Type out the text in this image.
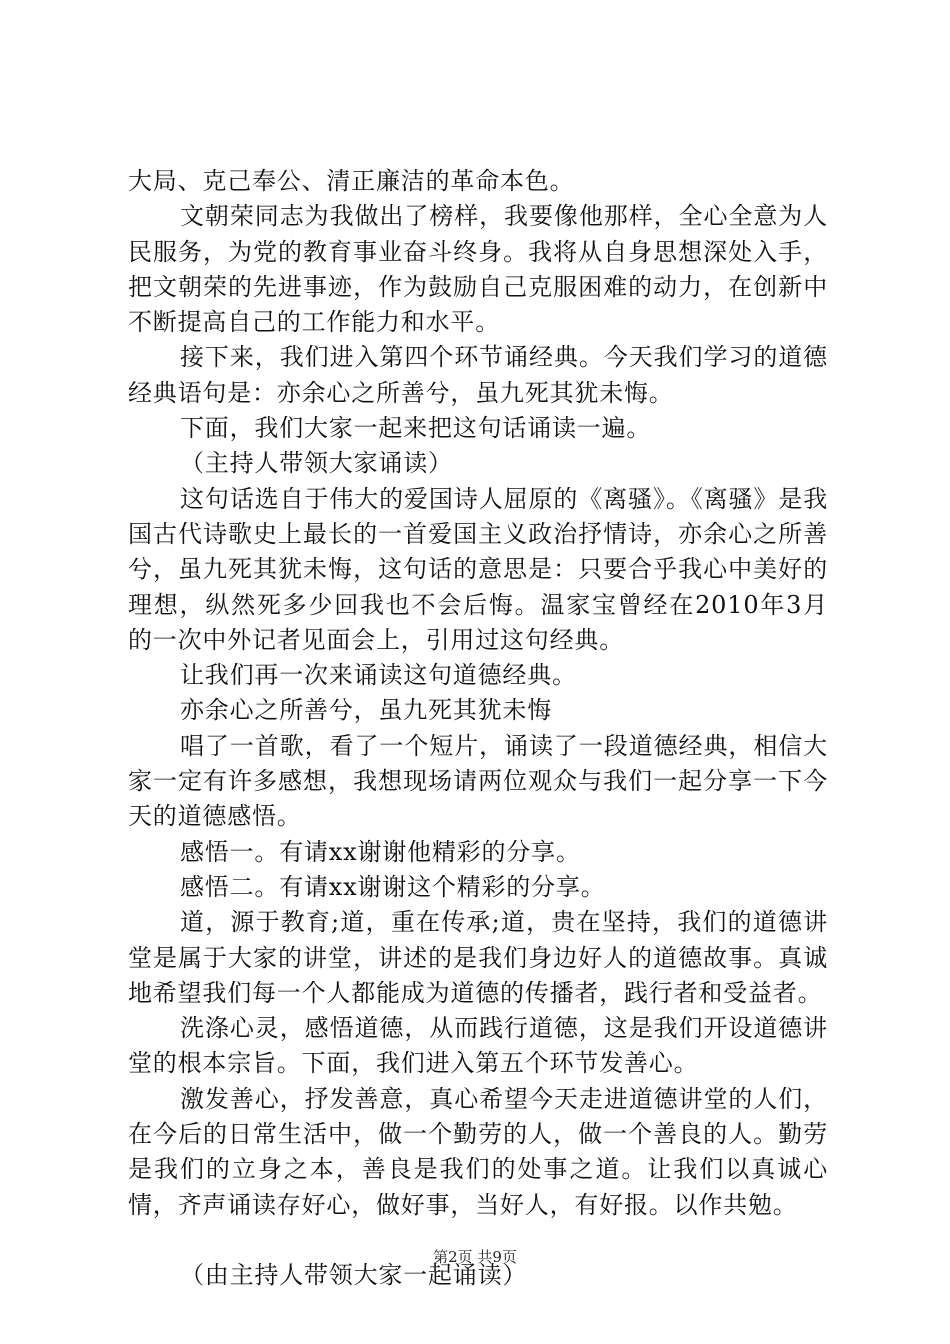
大局、克己奉公、清正廉洁的革命本色。

文朝荣同志为我做出了榜样，我要像他那样，全心全意为人民服务，为党的教育事业奋斗终身。我将从自身思想深处入手，把文朝荣的先进事迹，作为鼓励自己克服困难的动力，在创新中不断提高自己的工作能力和水平。

接下来，我们进入第四个环节诵经典。今天我们学习的道德经典语句是：亦余心之所善兮，虽九死其犹未悔。

下面，我们大家一起来把这句话诵读一遍。

（主持人带领大家诵读）

这句话选自于伟大的爱国诗人屈原的《离骚》。《离骚》是我国古代诗歌史上最长的一首爱国主义政治抒情诗，亦余心之所善兮，虽九死其犹未悔，这句话的意思是：只要合乎我心中美好的理想，纵然死多少回我也不会后悔。温家宝曾经在2010年3月的一次中外记者见面会上，引用过这句经典。

让我们再一次来诵读这句道德经典。

亦余心之所善兮，虽九死其犹未悔

唱了一首歌，看了一个短片，诵读了一段道德经典，相信大家一定有许多感想，我想现场请两位观众与我们一起分享一下今天的道德感悟。

感悟一。有请xx谢谢他精彩的分享。

感悟二。有请xx谢谢这个精彩的分享。

道，源于教育;道，重在传承;道，贵在坚持，我们的道德讲堂是属于大家的讲堂，讲述的是我们身边好人的道德故事。真诚地希望我们每一个人都能成为道德的传播者，践行者和受益者。

洗涤心灵，感悟道德，从而践行道德，这是我们开设道德讲堂的根本宗旨。下面，我们进入第五个环节发善心。

激发善心，抒发善意，真心希望今天走进道德讲堂的人们，在今后的日常生活中，做一个勤劳的人，做一个善良的人。勤劳是我们的立身之本，善良是我们的处事之道。让我们以真诚心情，齐声诵读存好心，做好事，当好人，有好报。以作共勉。

（由主持人带领大家一起诵读）

第2页 共9页
